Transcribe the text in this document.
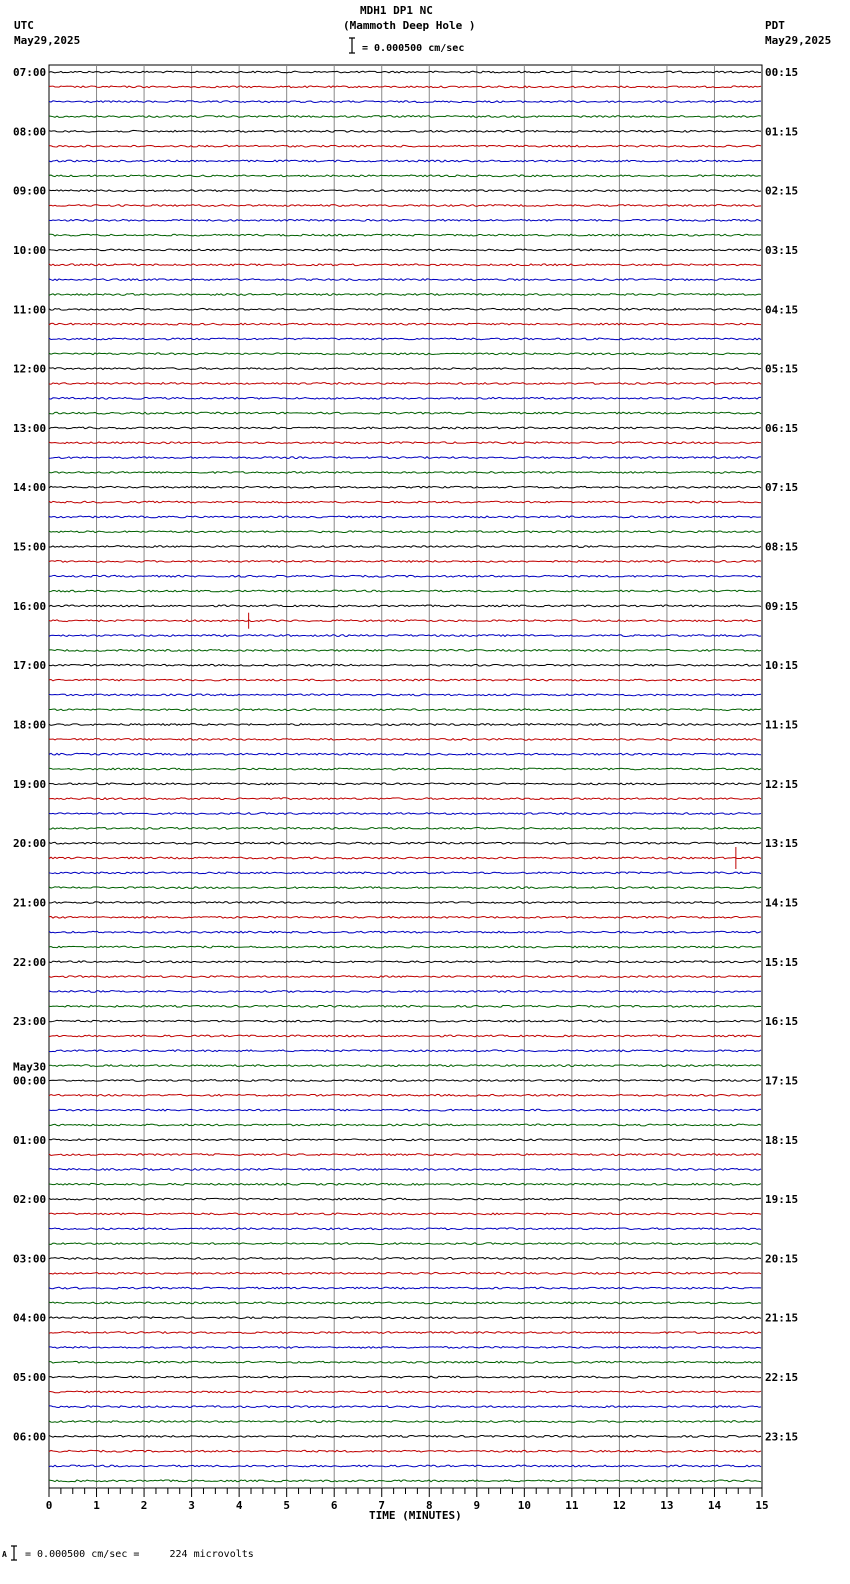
07:00	00:15
08:00	01:15
09:00	02:15
10:00	03:15
11:00	04:15
12:00	05:15
13:00	06:15
14:00	07:15
15:00	08:15
16:00	09:15
17:00	10:15
18:00	11:15
19:00	12:15
20:00	13:15
21:00	14:15
22:00	15:15
23:00	16:15
00:00	17:15
May30
01:00	18:15
02:00	19:15
03:00	20:15
04:00	21:15
05:00	22:15
06:00	23:15
0	1	2	3	4	5	6	7	8	9	10	11	12	13	14	15
MDH1 DP1 NC
(Mammoth Deep Hole )
= 0.000500 cm/sec
UTC
May29,2025
PDT
May29,2025
TIME (MINUTES)
A = 0.000500 cm/sec =     224 microvolts
